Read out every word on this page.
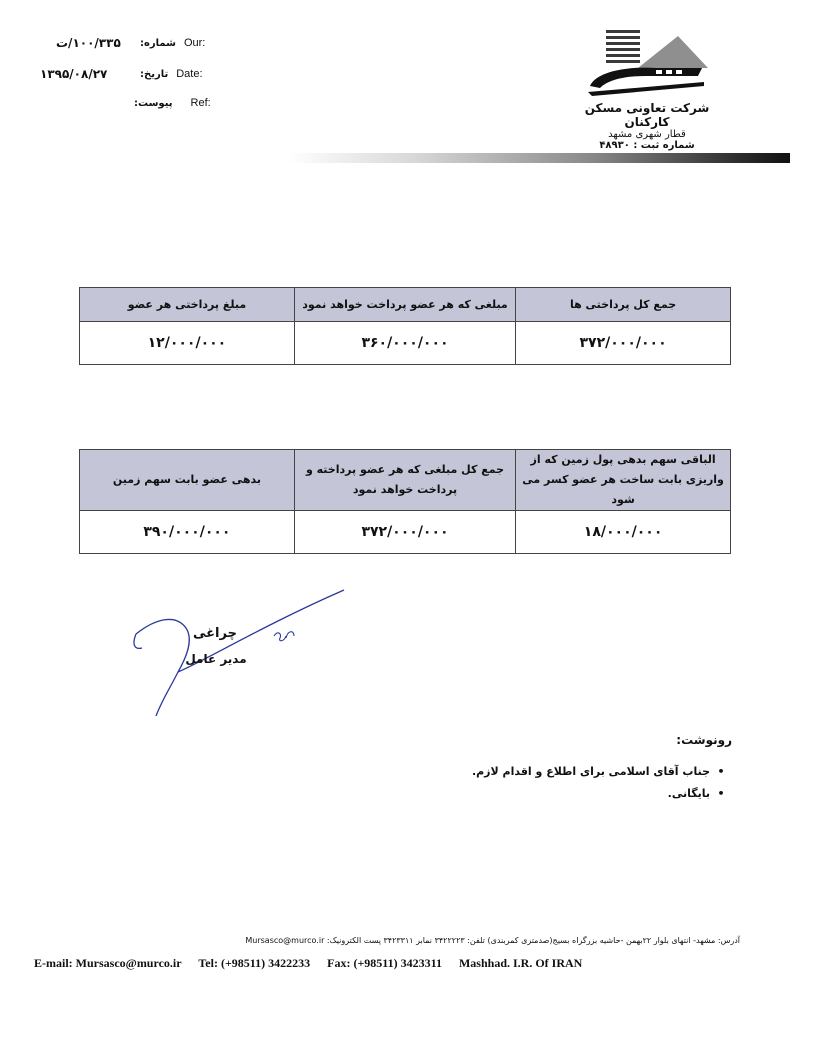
۱۰۰/۳۳۵/ت شماره: Our:
۱۳۹۵/۰۸/۲۷	تاریخ: Date:
پیوست: Ref:	شرکت تعاونی مسکن کارکنان
قطار شهری مشهد
شماره ثبت : ۴۸۹۳۰
جمع کل پرداختی ها	مبلغی که هر عضو پرداخت خواهد نمود	مبلغ پرداختی هر عضو
۳۷۲/۰۰۰/۰۰۰	۳۶۰/۰۰۰/۰۰۰	۱۲/۰۰۰/۰۰۰
الباقی سهم بدهی پول زمین که از واریزی بابت ساخت هر عضو کسر می شود	جمع کل مبلغی که هر عضو پرداخته و پرداخت خواهد نمود	بدهی عضو بابت سهم زمین
۱۸/۰۰۰/۰۰۰	۳۷۲/۰۰۰/۰۰۰	۳۹۰/۰۰۰/۰۰۰
چراغی
مدیر عامل
رونوشت:
• جناب آقای اسلامی برای اطلاع و اقدام لازم.
• بایگانی.
آدرس: مشهد- انتهای بلوار ۲۲بهمن -حاشیه بزرگراه بسیج(صدمتری کمربندی) تلفن: ۳۴۲۲۲۲۳ نمابر ۳۴۲۳۳۱۱ پست الکترونیک: Mursasco@murco.ir
E-mail: Mursasco@murco.ir Tel: (+98511) 3422233 Fax: (+98511) 3423311 Mashhad. I.R. Of IRAN
